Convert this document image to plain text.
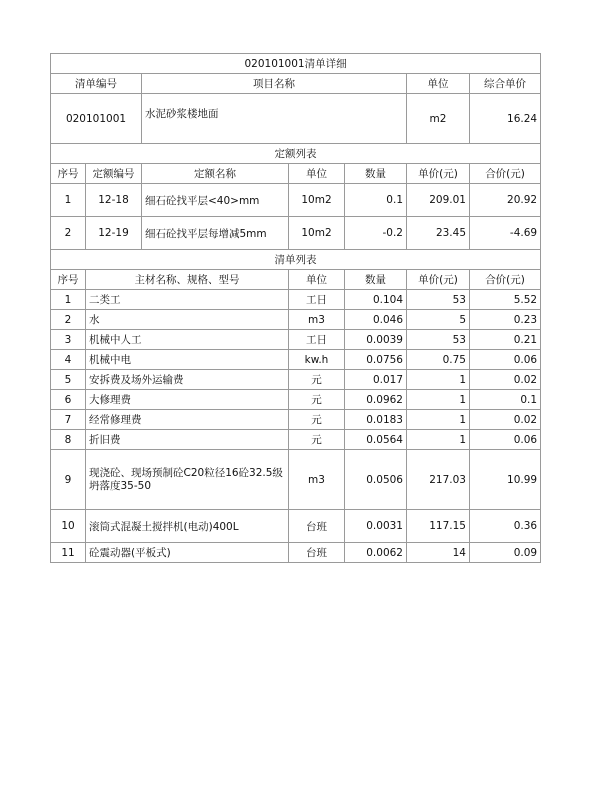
020101001清单详细						
清单编号		项目名称			单位	综合单价
020101001		水泥砂浆楼地面			m2	16.24
定额列表						
序号	定额编号	定额名称	单位	数量	单价(元)	合价(元)
1	12-18	细石砼找平层<40>mm	10m2	0.1	209.01	20.92
2	12-19	细石砼找平层每增减5mm	10m2	-0.2	23.45	-4.69
清单列表						
序号	主材名称、规格、型号		单位	数量	单价(元)	合价(元)
1	二类工		工日	0.104	53	5.52
2	水		m3	0.046	5	0.23
3	机械中人工		工日	0.0039	53	0.21
4	机械中电		kw.h	0.0756	0.75	0.06
5	安拆费及场外运输费		元	0.017	1	0.02
6	大修理费		元	0.0962	1	0.1
7	经常修理费		元	0.0183	1	0.02
8	折旧费		元	0.0564	1	0.06
9	现浇砼、现场预制砼C20粒径16砼32.5级坍落度35-50		m3	0.0506	217.03	10.99
10	滚筒式混凝土搅拌机(电动)400L		台班	0.0031	117.15	0.36
11	砼震动器(平板式)		台班	0.0062	14	0.09
